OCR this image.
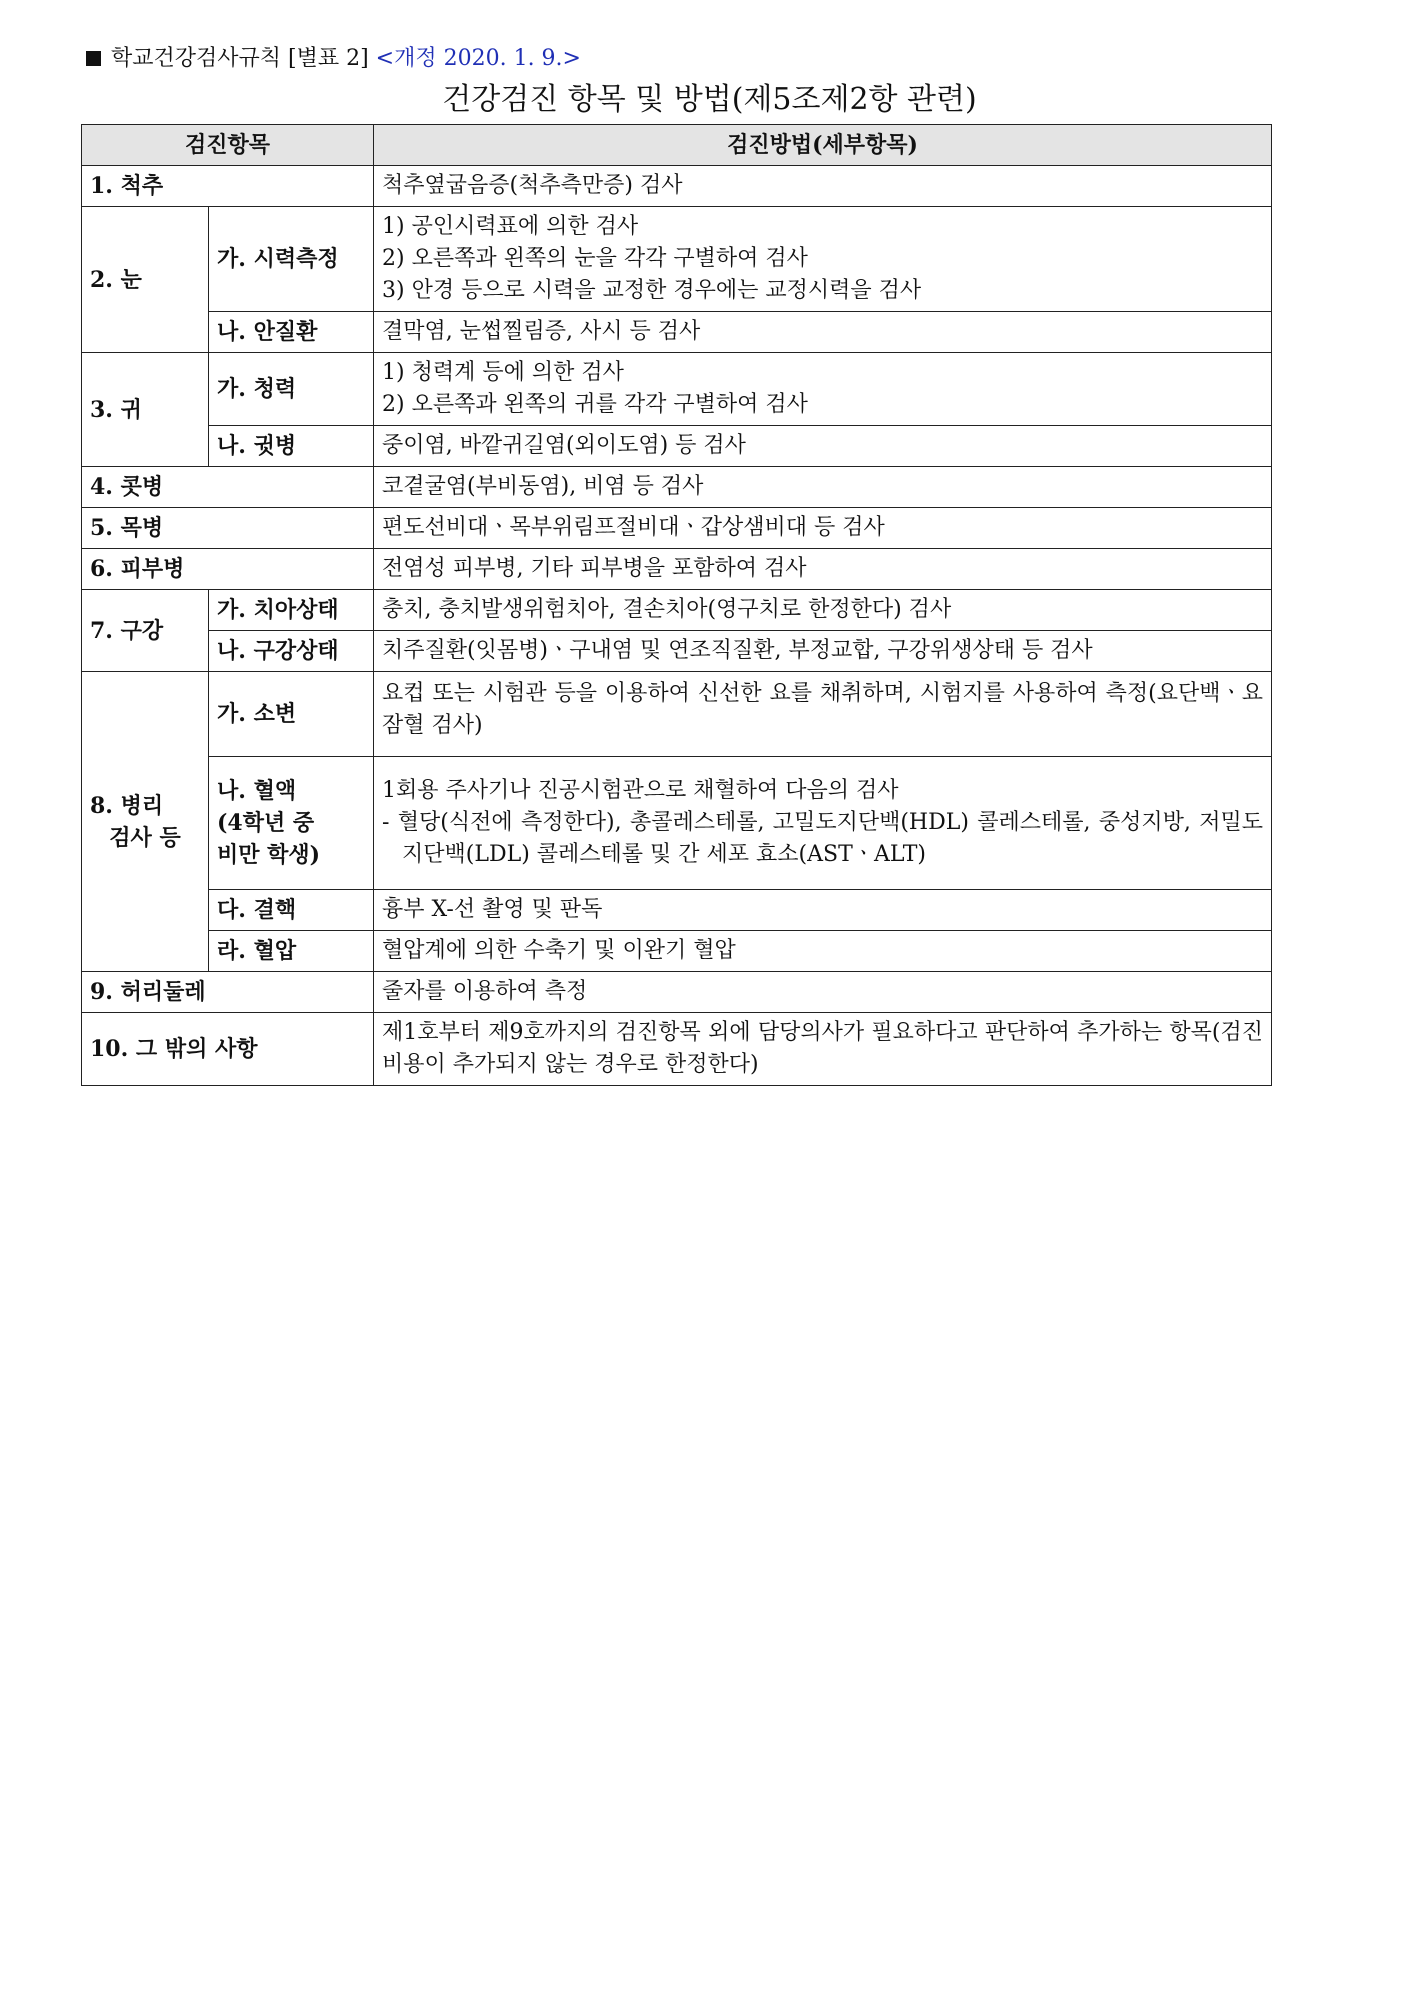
학교건강검사규칙 [별표 2] <개정 2020. 1. 9.>
건강검진 항목 및 방법(제5조제2항 관련)
검진항목		검진방법(세부항목)
1. 척추		척추옆굽음증(척추측만증) 검사
2. 눈	가. 시력측정	1) 공인시력표에 의한 검사
2) 오른쪽과 왼쪽의 눈을 각각 구별하여 검사
3) 안경 등으로 시력을 교정한 경우에는 교정시력을 검사

	나. 안질환	결막염, 눈썹찔림증, 사시 등 검사
3. 귀	가. 청력	1) 청력계 등에 의한 검사
2) 오른쪽과 왼쪽의 귀를 각각 구별하여 검사

	나. 귓병	중이염, 바깥귀길염(외이도염) 등 검사
4. 콧병		코곁굴염(부비동염), 비염 등 검사
5. 목병		편도선비대ㆍ목부위림프절비대ㆍ갑상샘비대 등 검사
6. 피부병		전염성 피부병, 기타 피부병을 포함하여 검사
7. 구강	가. 치아상태	충치, 충치발생위험치아, 결손치아(영구치로 한정한다) 검사
	나. 구강상태	치주질환(잇몸병)ㆍ구내염 및 연조직질환, 부정교합, 구강위생상태 등 검사

8. 병리
검사 등	가. 소변	요컵 또는 시험관 등을 이용하여 신선한 요를 채취하며, 시험지를 사용하여 측정(요단백ㆍ요잠혈 검사)

	나. 혈액
(4학년 중
비만 학생)	1회용 주사기나 진공시험관으로 채혈하여 다음의 검사
- 혈당(식전에 측정한다), 총콜레스테롤, 고밀도지단백(HDL) 콜레스테롤, 중성지방, 저밀도지단백(LDL) 콜레스테롤 및 간 세포 효소(ASTㆍALT)

	다. 결핵	흉부 X-선 촬영 및 판독
	라. 혈압	혈압계에 의한 수축기 및 이완기 혈압
9. 허리둘레		줄자를 이용하여 측정
10. 그 밖의 사항		제1호부터 제9호까지의 검진항목 외에 담당의사가 필요하다고 판단하여 추가하는 항목(검진비용이 추가되지 않는 경우로 한정한다)
